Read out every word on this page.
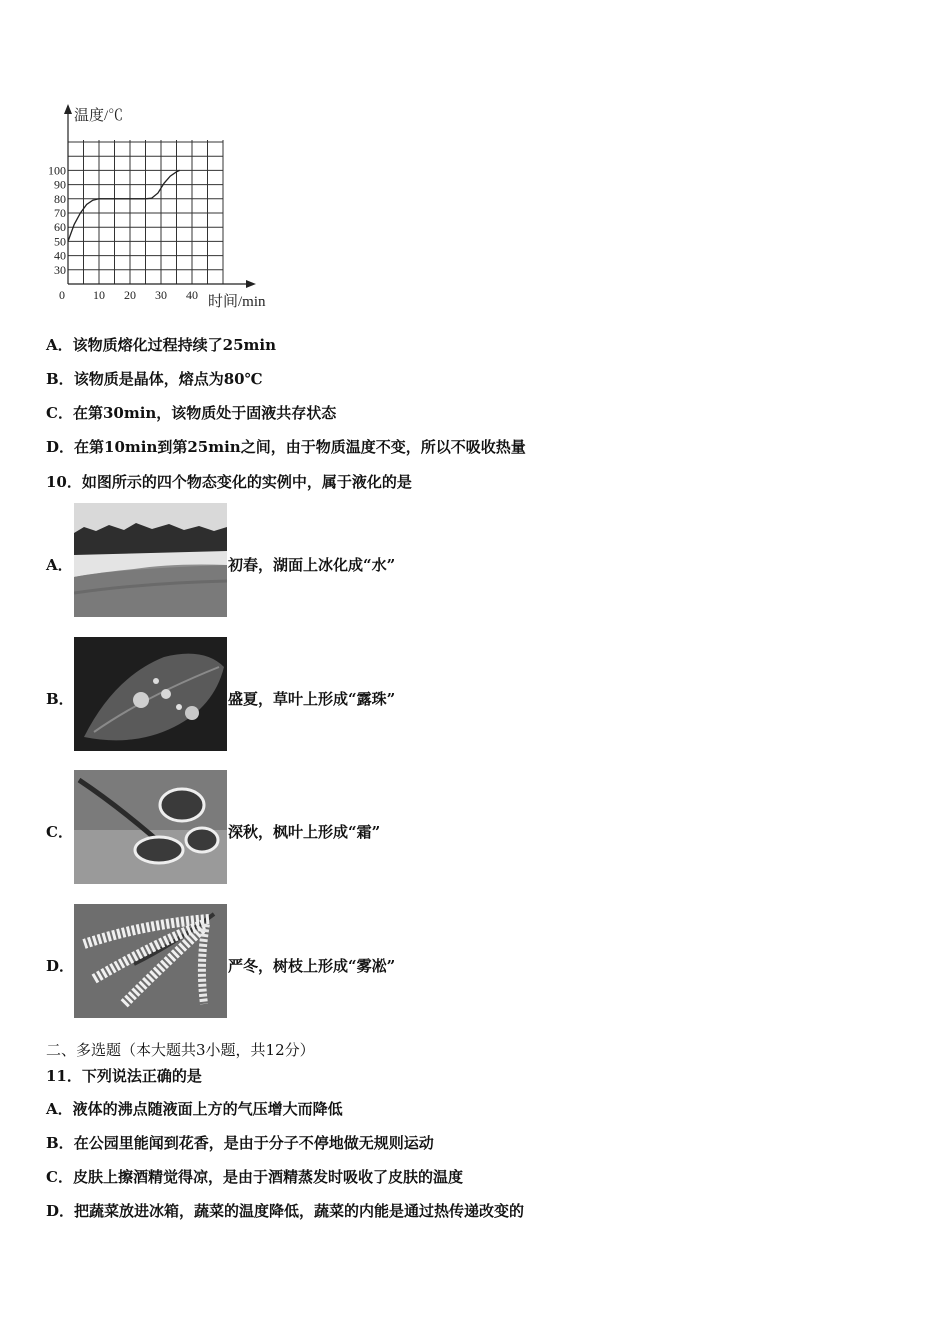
30
40
50
60
70
80
90
100
0 10 20 30 40
温度/℃
时间/min
A．该物质熔化过程持续了25min
B．该物质是晶体，熔点为80℃
C．在第30min，该物质处于固液共存状态
D．在第10min到第25min之间，由于物质温度不变，所以不吸收热量
10．如图所示的四个物态变化的实例中，属于液化的是
A．	初春，湖面上冰化成“水”
B．	盛夏，草叶上形成“露珠”
C．	深秋，枫叶上形成“霜”
D．	严冬，树枝上形成“雾凇”
二、多选题（本大题共3小题，共12分）
11．下列说法正确的是
A．液体的沸点随液面上方的气压增大而降低
B．在公园里能闻到花香，是由于分子不停地做无规则运动
C．皮肤上擦酒精觉得凉，是由于酒精蒸发时吸收了皮肤的温度
D．把蔬菜放进冰箱，蔬菜的温度降低，蔬菜的内能是通过热传递改变的
